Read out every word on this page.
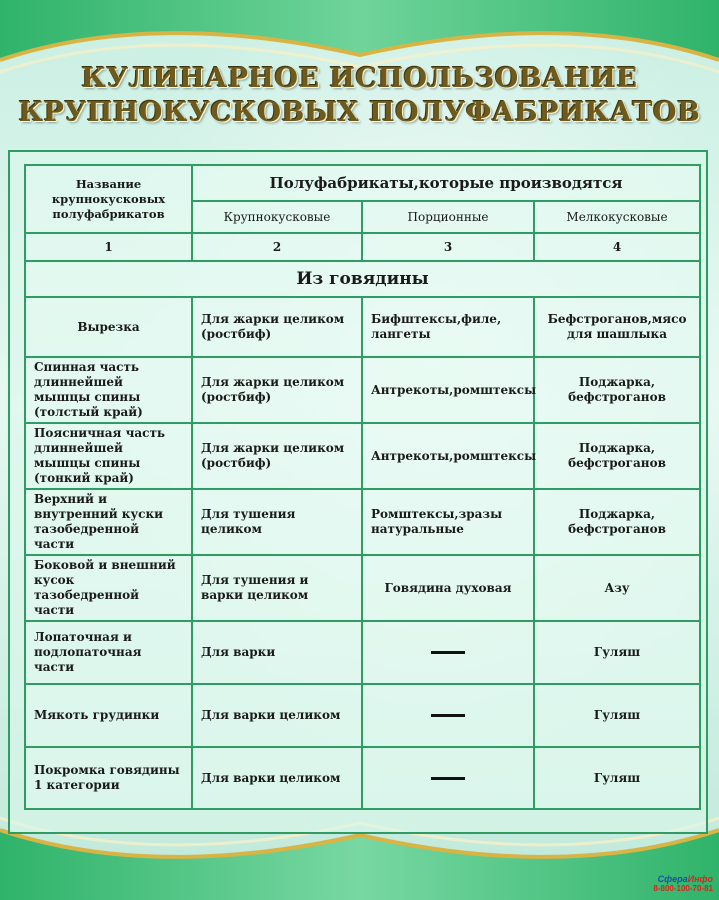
КУЛИНАРНОЕ ИСПОЛЬЗОВАНИЕ
КРУПНОКУСКОВЫХ ПОЛУФАБРИКАТОВ
Название крупнокусковых полуфабрикатов	Полуфабрикаты,которые производятся		
	Крупнокусковые	Порционные	Мелкокусковые
1	2	3	4
Из говядины			
Вырезка	Для жарки целиком (ростбиф)	Бифштексы,филе, лангеты	Бефстроганов,мясо для шашлыка
Спинная часть длиннейшей мышцы спины (толстый край)	Для жарки целиком (ростбиф)	Антрекоты,ромштексы	Поджарка, бефстроганов
Поясничная часть длиннейшей мышцы спины (тонкий край)	Для жарки целиком (ростбиф)	Антрекоты,ромштексы	Поджарка, бефстроганов
Верхний и внутренний куски тазобедренной части	Для тушения целиком	Ромштексы,зразы натуральные	Поджарка, бефстроганов
Боковой и внешний кусок тазобедренной части	Для тушения и варки целиком	Говядина духовая	Азу
Лопаточная и подлопаточная части	Для варки		Гуляш
Мякоть грудинки	Для варки целиком		Гуляш
Покромка говядины 1 категории	Для варки целиком		Гуляш
СфераИнфо
8-800-100-70-81
